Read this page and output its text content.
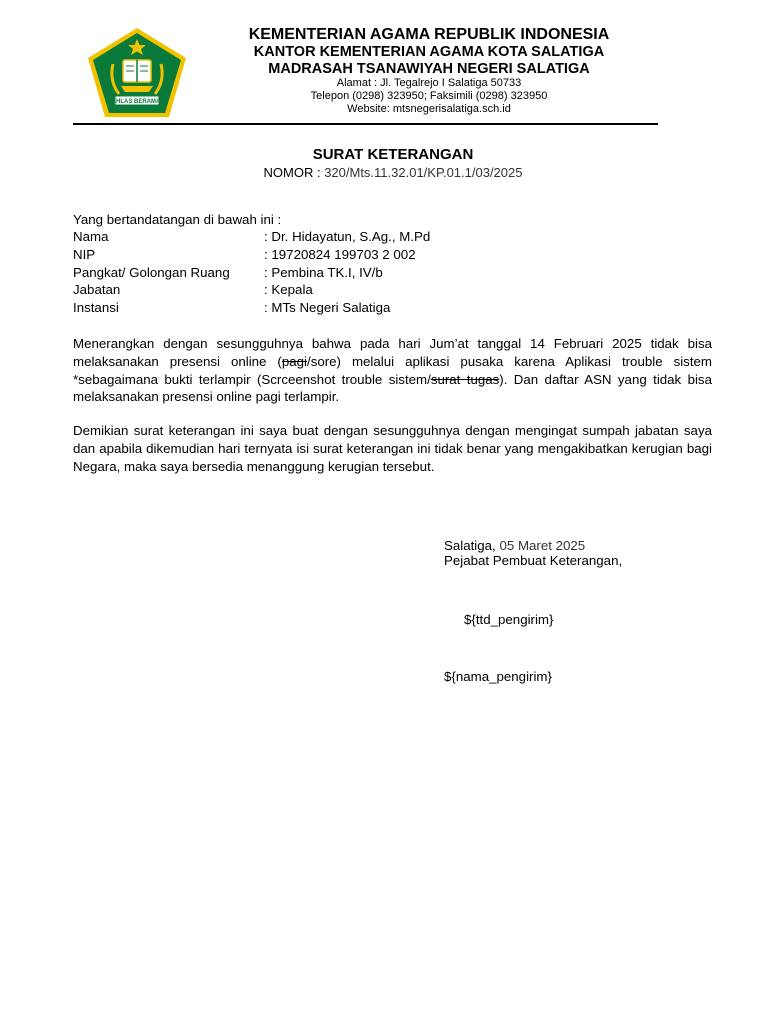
IKHLAS BERAMAL
KEMENTERIAN AGAMA REPUBLIK INDONESIA
KANTOR KEMENTERIAN AGAMA KOTA SALATIGA
MADRASAH TSANAWIYAH NEGERI SALATIGA
Alamat : Jl. Tegalrejo I Salatiga 50733
Telepon (0298) 323950; Faksimili (0298) 323950
Website: mtsnegerisalatiga.sch.id
SURAT KETERANGAN
NOMOR : 320/Mts.11.32.01/KP.01.1/03/2025
Yang bertandatangan di bawah ini :
Nama	: Dr. Hidayatun, S.Ag., M.Pd
NIP	: 19720824 199703 2 002
Pangkat/ Golongan Ruang	: Pembina TK.I, IV/b
Jabatan	: Kepala
Instansi	: MTs Negeri Salatiga
Menerangkan dengan sesungguhnya bahwa pada hari Jum’at tanggal 14 Februari 2025 tidak bisa melaksanakan presensi online (pagi/sore) melalui aplikasi pusaka karena Aplikasi trouble sistem *sebagaimana bukti terlampir (Scrceenshot trouble sistem/surat tugas). Dan daftar ASN yang tidak bisa melaksanakan presensi online pagi terlampir.
Demikian surat keterangan ini saya buat dengan sesungguhnya dengan mengingat sumpah jabatan saya dan apabila dikemudian hari ternyata isi surat keterangan ini tidak benar yang mengakibatkan kerugian bagi Negara, maka saya bersedia menanggung kerugian tersebut.
Salatiga, 05 Maret 2025
Pejabat Pembuat Keterangan,
${ttd_pengirim}
${nama_pengirim}
